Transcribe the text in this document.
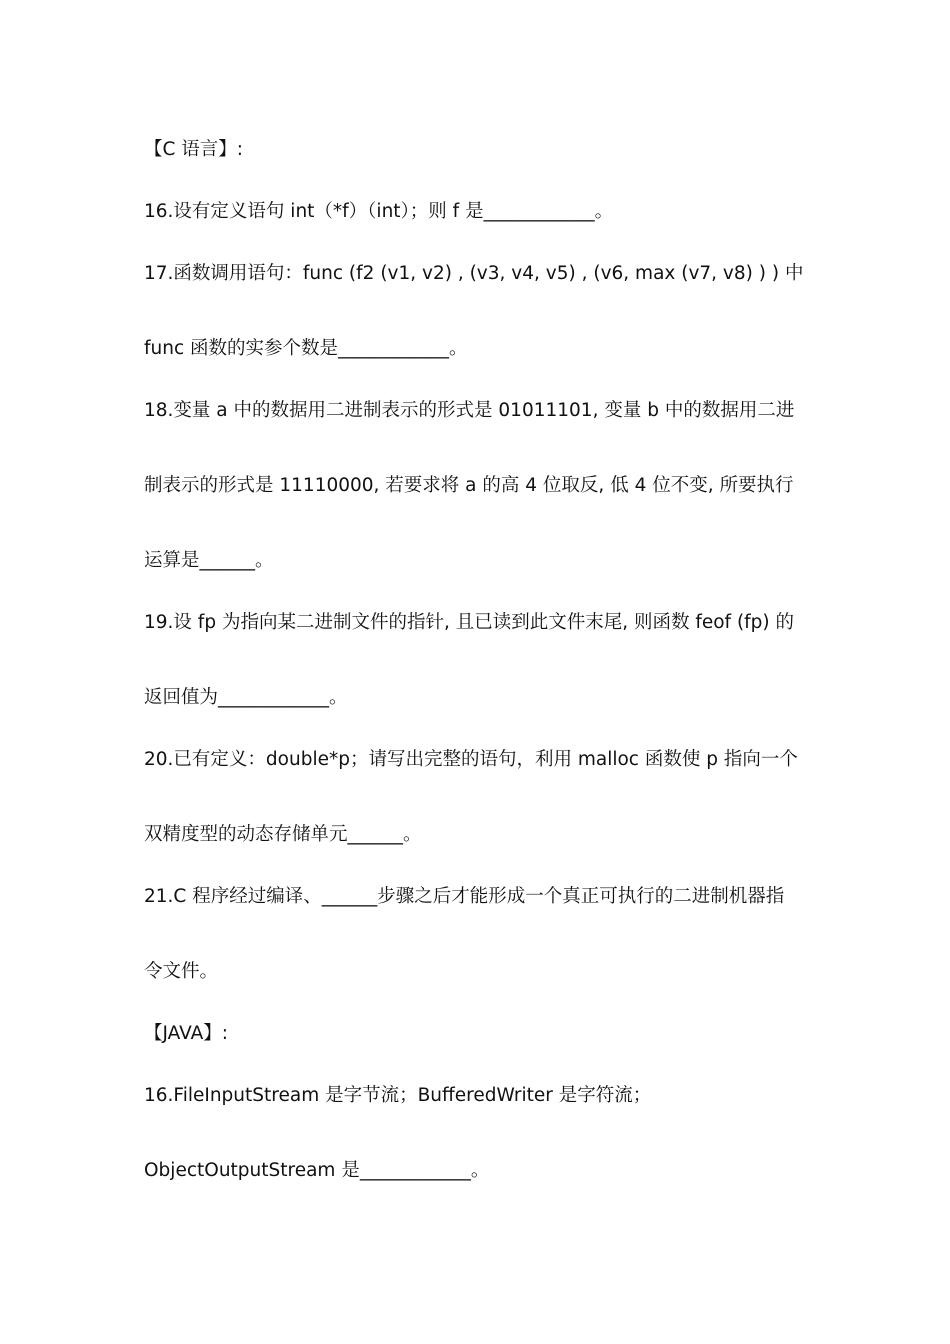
【C 语言】:
16.设有定义语句 int（*f）（int）；则 f 是____________。
17.函数调用语句：func (f2 (v1, v2) , (v3, v4, v5) , (v6, max (v7, v8) ) ) 中
func 函数的实参个数是____________。
18.变量 a 中的数据用二进制表示的形式是 01011101, 变量 b 中的数据用二进
制表示的形式是 11110000, 若要求将 a 的高 4 位取反, 低 4 位不变, 所要执行
运算是______。
19.设 fp 为指向某二进制文件的指针, 且已读到此文件末尾, 则函数 feof (fp) 的
返回值为____________。
20.已有定义：double*p；请写出完整的语句，利用 malloc 函数使 p 指向一个
双精度型的动态存储单元______。
21.C 程序经过编译、______步骤之后才能形成一个真正可执行的二进制机器指
令文件。
【JAVA】:
16.FileInputStream 是字节流；BufferedWriter 是字符流；
ObjectOutputStream 是____________。
